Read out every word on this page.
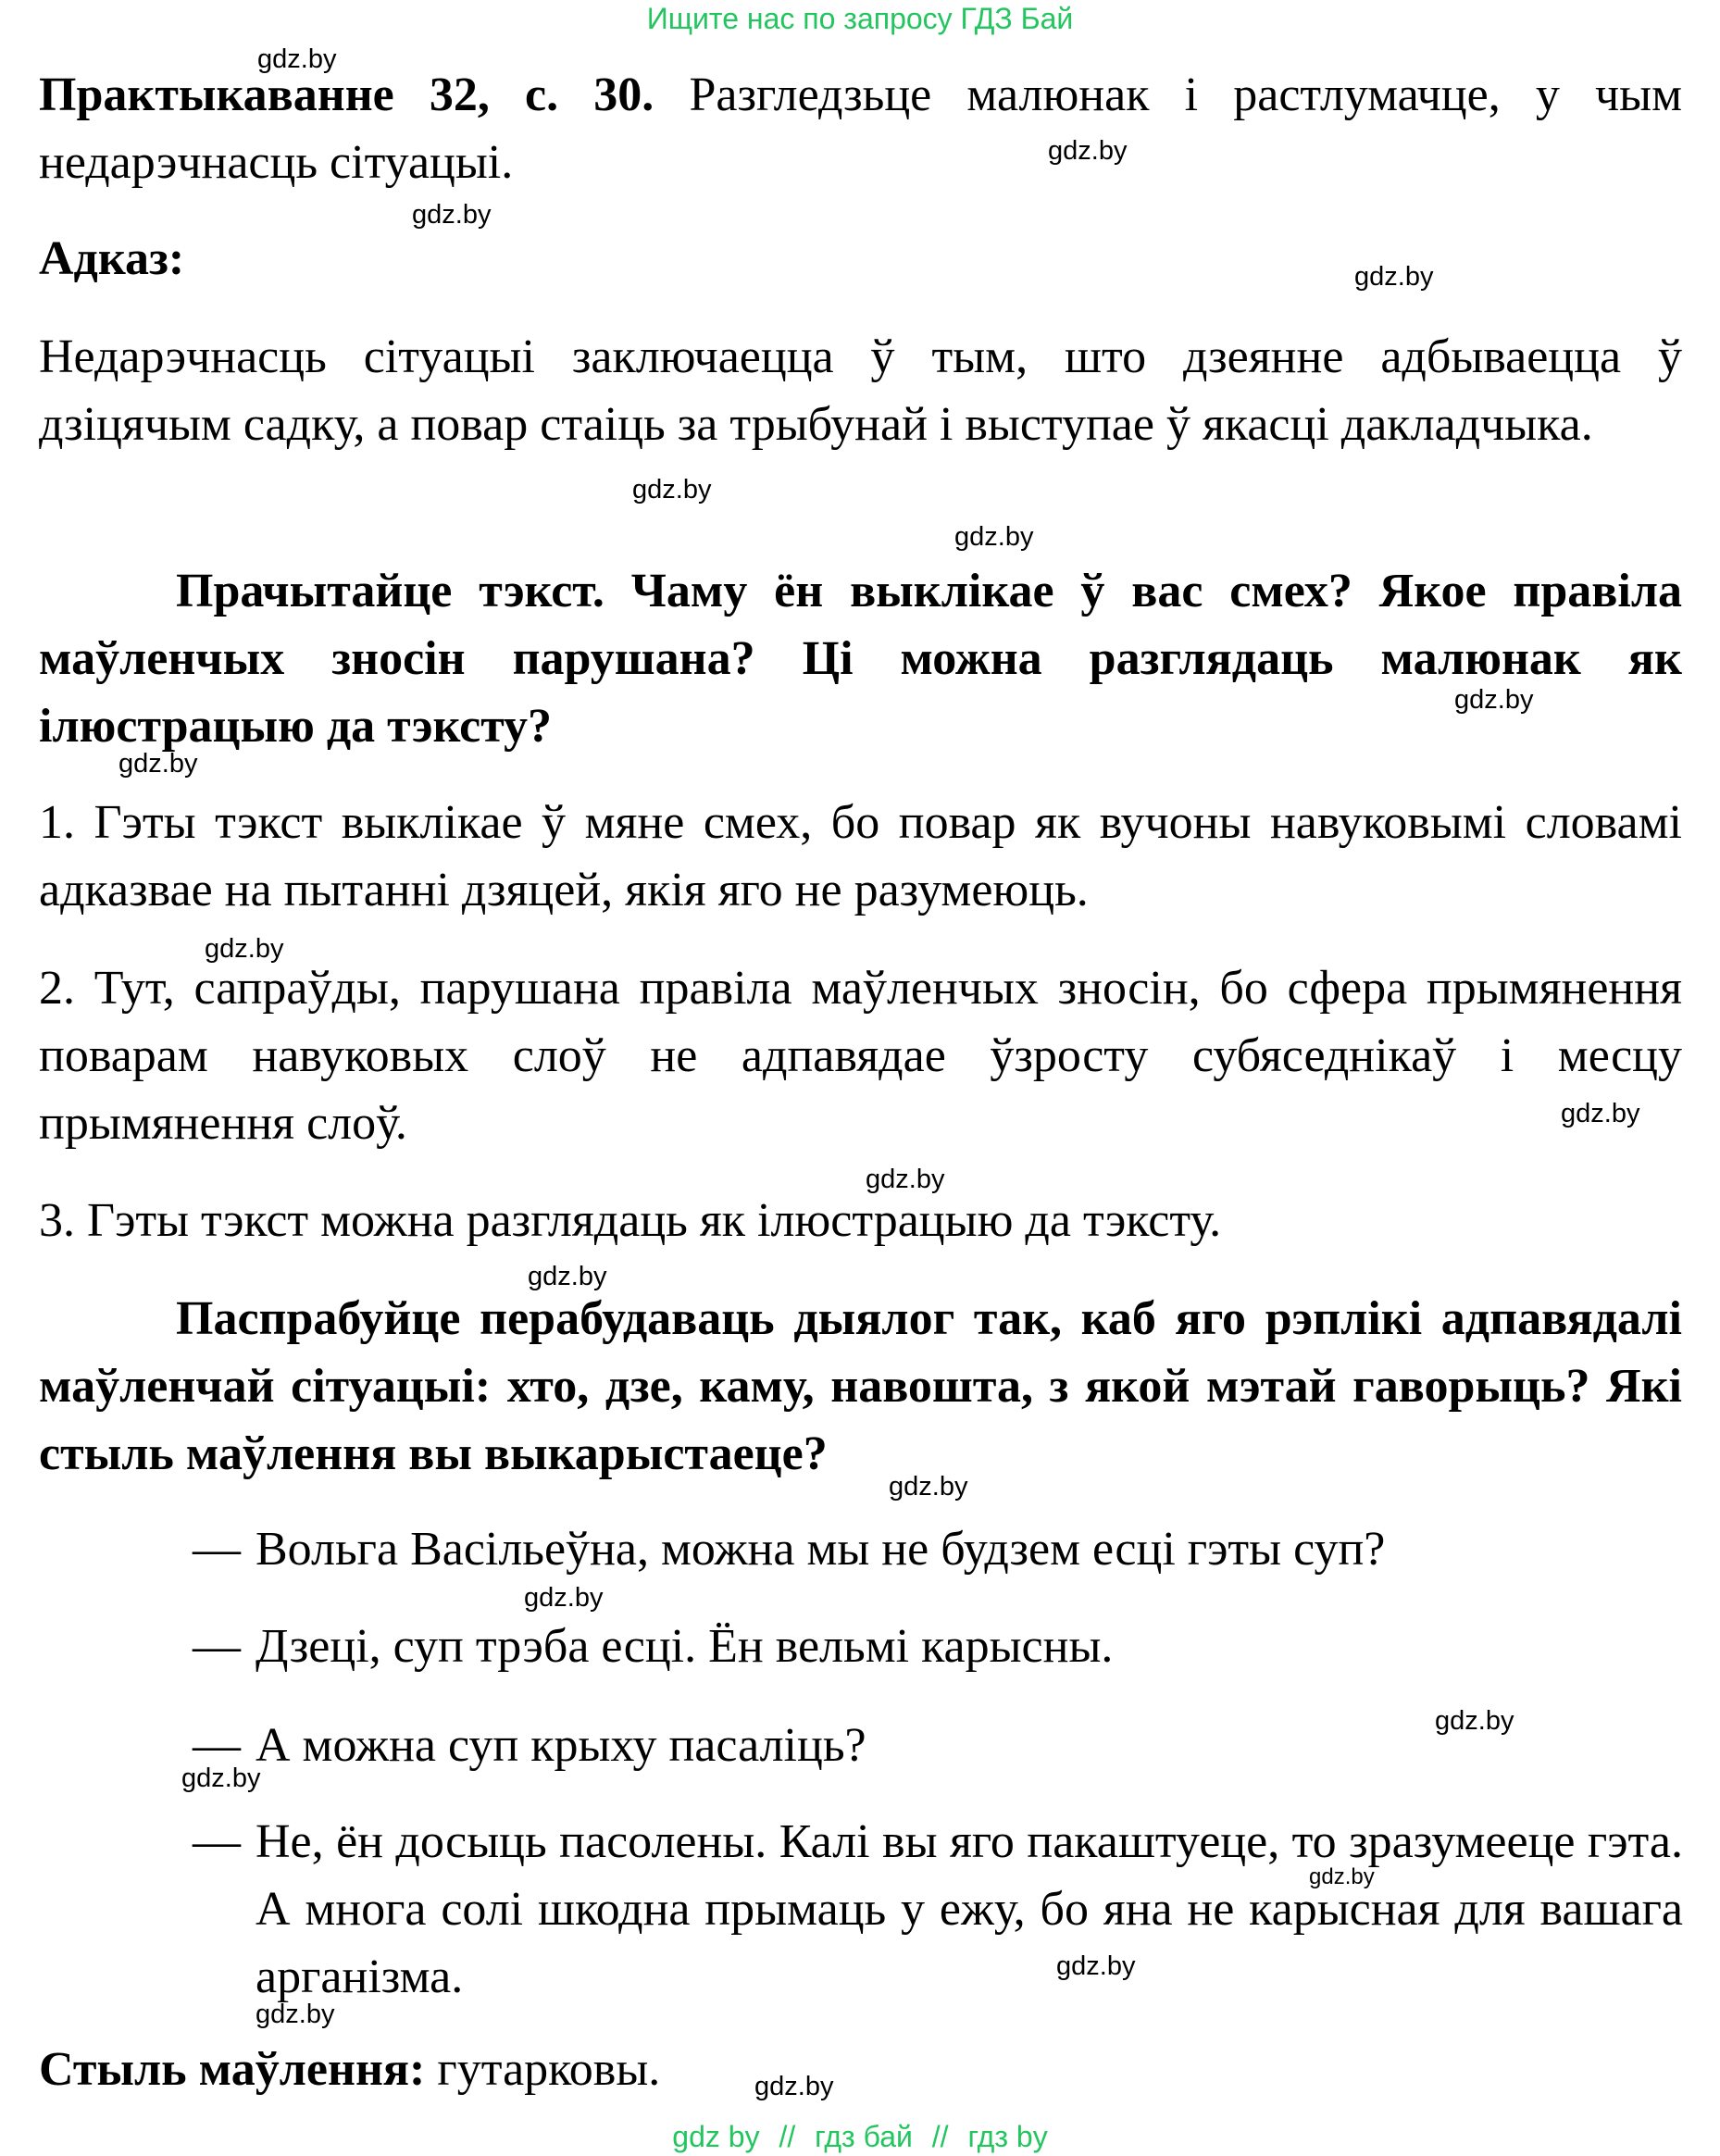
Ищите нас по запросу ГДЗ Бай
Практыкаванне 32, с. 30. Разгледзьце малюнак і растлумачце, у чым недарэчнасць сітуацыі.
Адказ:
Недарэчнасць сітуацыі заключаецца ў тым, што дзеянне адбываецца ў дзіцячым садку, а повар стаіць за трыбунай і выступае ў якасці дакладчыка.
Прачытайце тэкст. Чаму ён выклікае ў вас смех? Якое правіла маўленчых зносін парушана? Ці можна разглядаць малюнак як ілюстрацыю да тэксту?
1. Гэты тэкст выклікае ў мяне смех, бо повар як вучоны навуковымі словамі адказвае на пытанні дзяцей, якія яго не разумеюць.
2. Тут, сапраўды, парушана правіла маўленчых зносін, бо сфера прымянення поварам навуковых слоў не адпавядае ўзросту субяседнікаў і месцу прымянення слоў.
3. Гэты тэкст можна разглядаць як ілюстрацыю да тэксту.
Паспрабуйце перабудаваць дыялог так, каб яго рэплікі адпавядалі маўленчай сітуацыі: хто, дзе, каму, навошта, з якой мэтай гаворыць? Які стыль маўлення вы выкарыстаеце?
— Вольга Васільеўна, можна мы не будзем есці гэты суп?
— Дзеці, суп трэба есці. Ён вельмі карысны.
— А можна суп крыху пасаліць?
— Не, ён досыць пасолены. Калі вы яго пакаштуеце, то зразумееце гэта. А многа солі шкодна прымаць у ежу, бо яна не карысная для вашага арганізма.
Стыль маўлення: гутарковы.
gdz.by
gdz.by
gdz.by
gdz.by
gdz.by
gdz.by
gdz.by
gdz.by
gdz.by
gdz.by
gdz.by
gdz.by
gdz.by
gdz.by
gdz.by
gdz.by
gdz.by
gdz.by
gdz.by
gdz.by
gdz by // гдз бай // гдз by
